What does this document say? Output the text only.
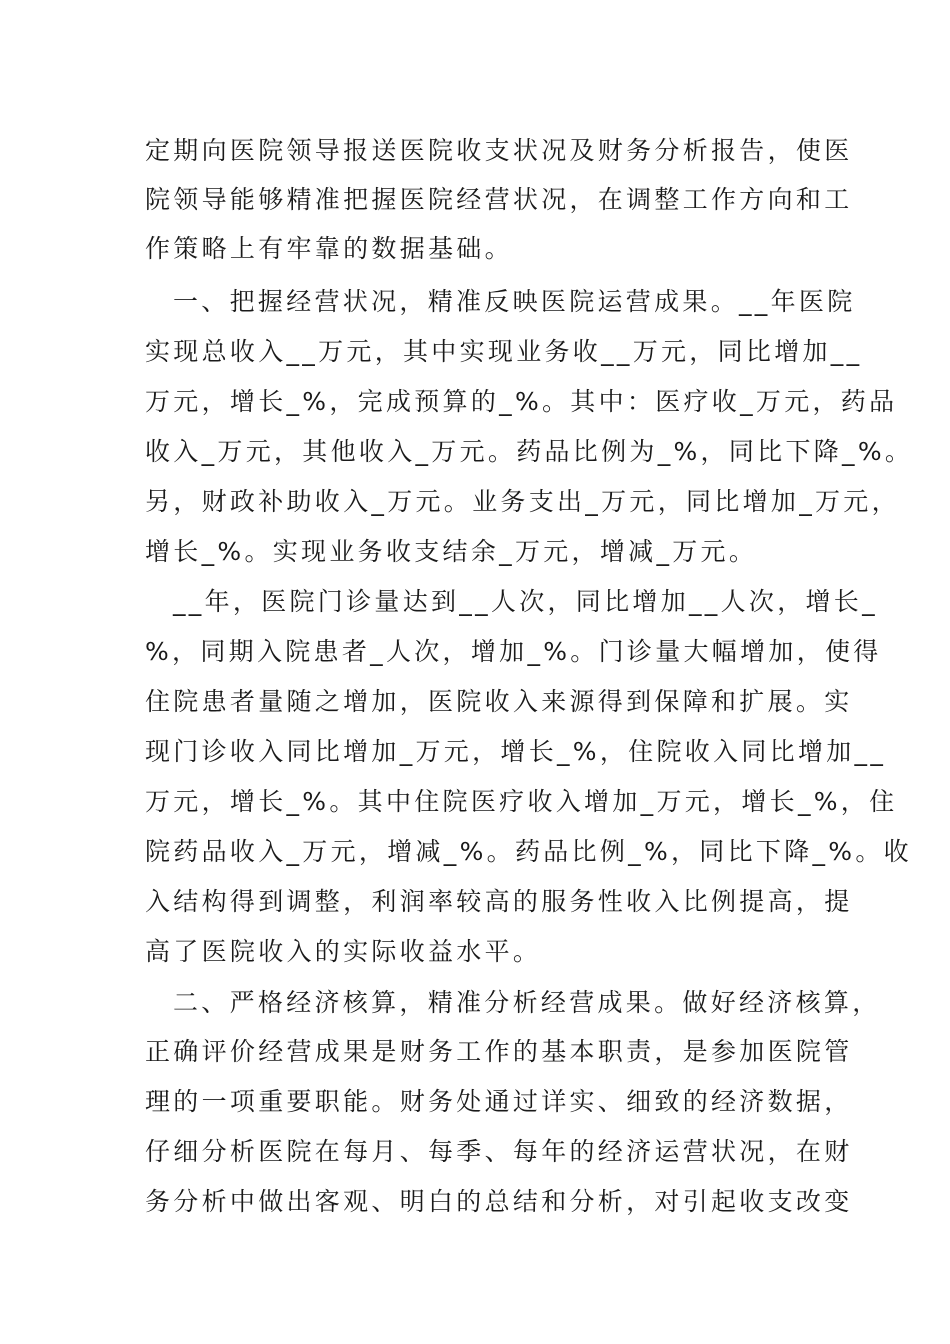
定期向医院领导报送医院收支状况及财务分析报告，使医
院领导能够精准把握医院经营状况，在调整工作方向和工
作策略上有牢靠的数据基础。
一、把握经营状况，精准反映医院运营成果。__年医院
实现总收入__万元，其中实现业务收__万元，同比增加__
万元，增长_%，完成预算的_%。其中：医疗收_万元，药品
收入_万元，其他收入_万元。药品比例为_%，同比下降_%。
另，财政补助收入_万元。业务支出_万元，同比增加_万元，
增长_%。实现业务收支结余_万元，增减_万元。
__年，医院门诊量达到__人次，同比增加__人次，增长_
%，同期入院患者_人次，增加_%。门诊量大幅增加，使得
住院患者量随之增加，医院收入来源得到保障和扩展。实
现门诊收入同比增加_万元，增长_%，住院收入同比增加__
万元，增长_%。其中住院医疗收入增加_万元，增长_%，住
院药品收入_万元，增减_%。药品比例_%，同比下降_%。收
入结构得到调整，利润率较高的服务性收入比例提高，提
高了医院收入的实际收益水平。
二、严格经济核算，精准分析经营成果。做好经济核算，
正确评价经营成果是财务工作的基本职责，是参加医院管
理的一项重要职能。财务处通过详实、细致的经济数据，
仔细分析医院在每月、每季、每年的经济运营状况，在财
务分析中做出客观、明白的总结和分析，对引起收支改变
